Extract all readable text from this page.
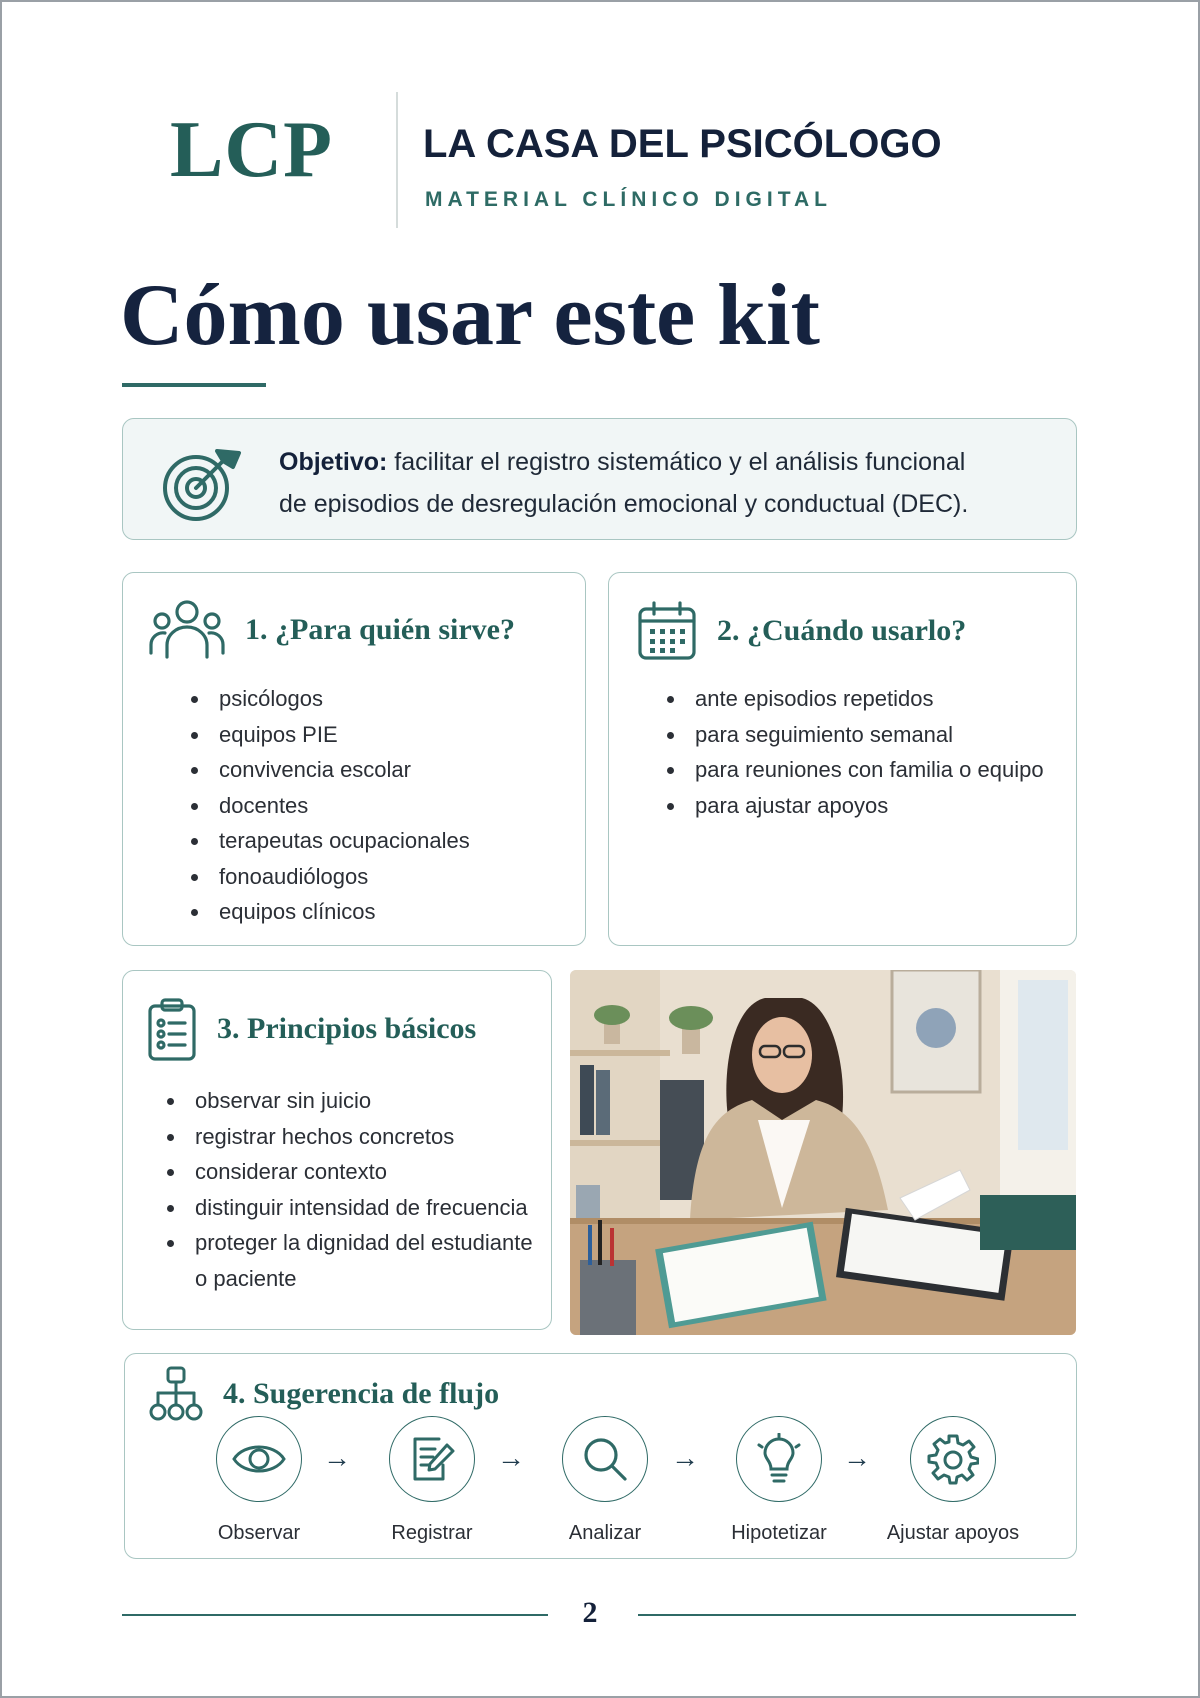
LCP LA CASA DEL PSICÓLOGO
MATERIAL CLÍNICO DIGITAL
Cómo usar este kit
Objetivo: facilitar el registro sistemático y el análisis funcional
de episodios de desregulación emocional y conductual (DEC).
1. ¿Para quién sirve?
psicólogos
equipos PIE
convivencia escolar
docentes
terapeutas ocupacionales
fonoaudiólogos
equipos clínicos
2. ¿Cuándo usarlo?
ante episodios repetidos
para seguimiento semanal
para reuniones con familia o equipo
para ajustar apoyos
3. Principios básicos
observar sin juicio
registrar hechos concretos
considerar contexto
distinguir intensidad de frecuencia
proteger la dignidad del estudiante o paciente
4. Sugerencia de flujo
Observar
→
Registrar
→
Analizar
→
Hipotetizar
→
Ajustar apoyos
2
